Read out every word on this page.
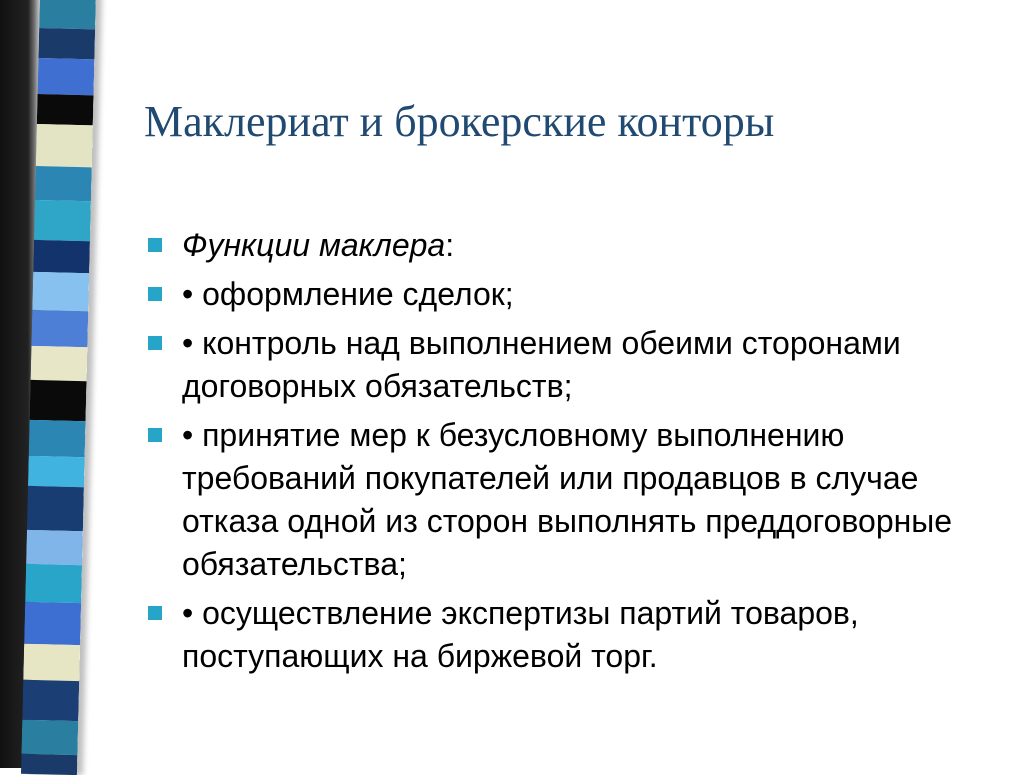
Маклериат и брокерские конторы
Функции маклера:
• оформление сделок;
• контроль над выполнением обеими сторонами договорных обязательств;
• принятие мер к безусловному выполнению требований покупателей или продавцов в случае отказа одной из сторон выполнять преддоговорные обязательства;
• осуществление экспертизы партий товаров, поступающих на биржевой торг.
